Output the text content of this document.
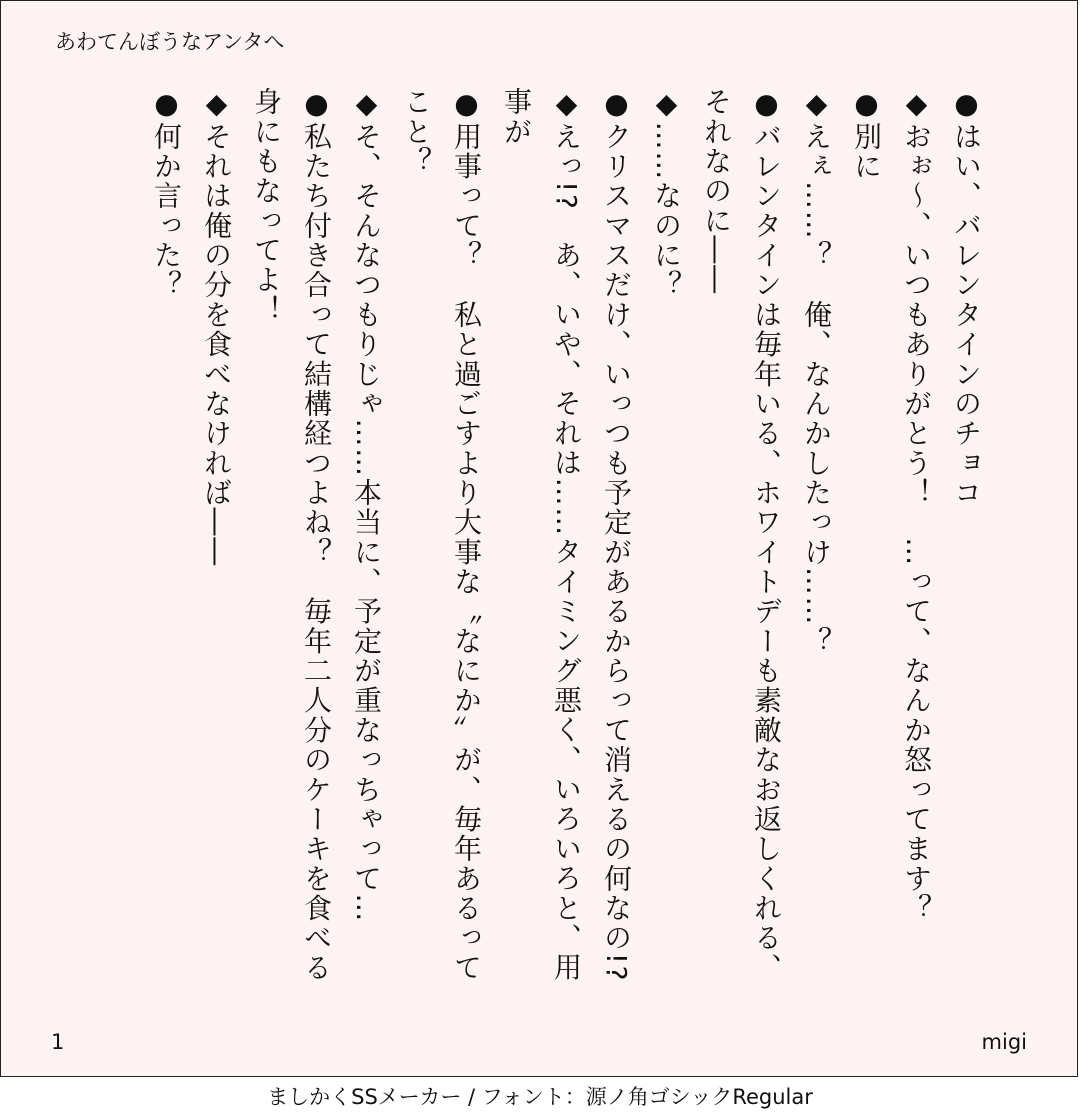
あわてんぼうなアンタへ

●はい、バレンタインのチョコ

◆おぉ～、いつもありがとう！　…って、なんか怒ってます？

●別に

◆えぇ……？　俺、なんかしたっけ……？

●バレンタインは毎年いる、ホワイトデーも素敵なお返しくれる、それなのに――

◆……なのに？

●クリスマスだけ、いっつも予定があるからって消えるの何なの!?

◆えっ!?　あ、いや、それは……タイミング悪く、いろいろと、用事が

●用事って？　私と過ごすより大事な〝なにか〟が、毎年あるってこと？

◆そ、そんなつもりじゃ……本当に、予定が重なっちゃって…

●私たち付き合って結構経つよね？　毎年二人分のケーキを食べる身にもなってよ！

◆それは俺の分を食べなければ――

●何か言った？

1	migi
ましかくSSメーカー / フォント：源ノ角ゴシックRegular
